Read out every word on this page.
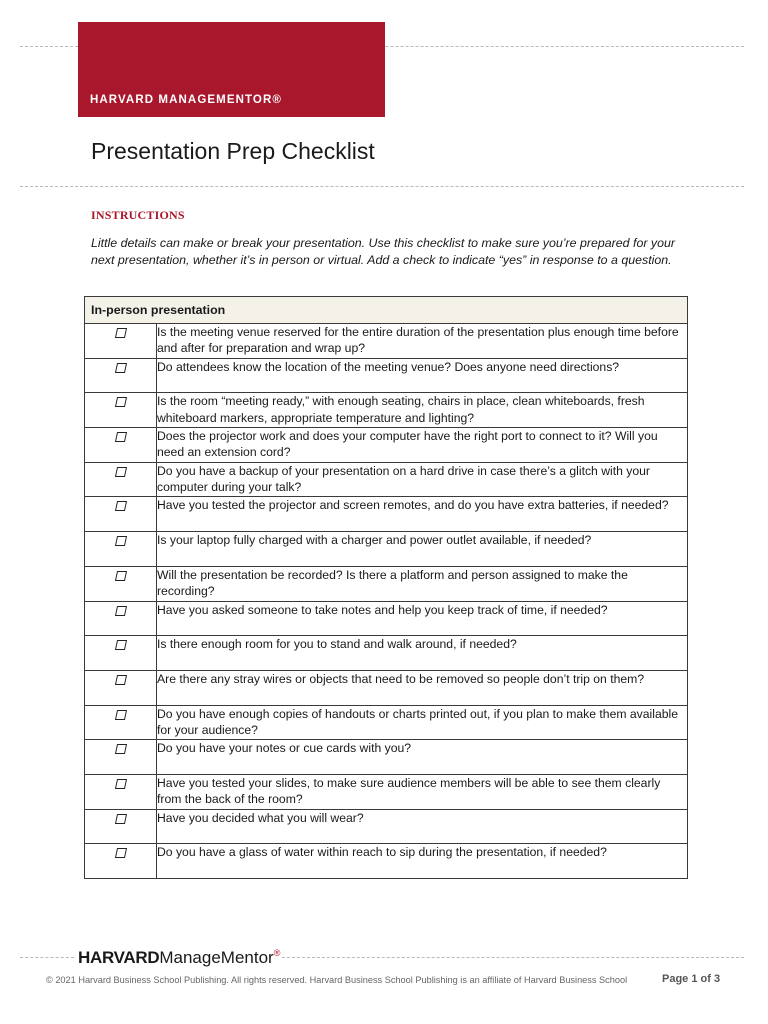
HARVARD MANAGEMENTOR®
Presentation Prep Checklist
INSTRUCTIONS
Little details can make or break your presentation. Use this checklist to make sure you’re prepared for your next presentation, whether it’s in person or virtual. Add a check to indicate “yes” in response to a question.
In-person presentation	
	Is the meeting venue reserved for the entire duration of the presentation plus enough time before and after for preparation and wrap up?
	Do attendees know the location of the meeting venue? Does anyone need directions?
	Is the room “meeting ready,” with enough seating, chairs in place, clean whiteboards, fresh whiteboard markers, appropriate temperature and lighting?
	Does the projector work and does your computer have the right port to connect to it? Will you need an extension cord?
	Do you have a backup of your presentation on a hard drive in case there’s a glitch with your computer during your talk?
	Have you tested the projector and screen remotes, and do you have extra batteries, if needed?
	Is your laptop fully charged with a charger and power outlet available, if needed?
	Will the presentation be recorded? Is there a platform and person assigned to make the recording?
	Have you asked someone to take notes and help you keep track of time, if needed?
	Is there enough room for you to stand and walk around, if needed?
	Are there any stray wires or objects that need to be removed so people don’t trip on them?
	Do you have enough copies of handouts or charts printed out, if you plan to make them available for your audience?
	Do you have your notes or cue cards with you?
	Have you tested your slides, to make sure audience members will be able to see them clearly from the back of the room?
	Have you decided what you will wear?
	Do you have a glass of water within reach to sip during the presentation, if needed?
HARVARDManageMentor®
© 2021 Harvard Business School Publishing. All rights reserved. Harvard Business School Publishing is an affiliate of Harvard Business School	Page 1 of 3
